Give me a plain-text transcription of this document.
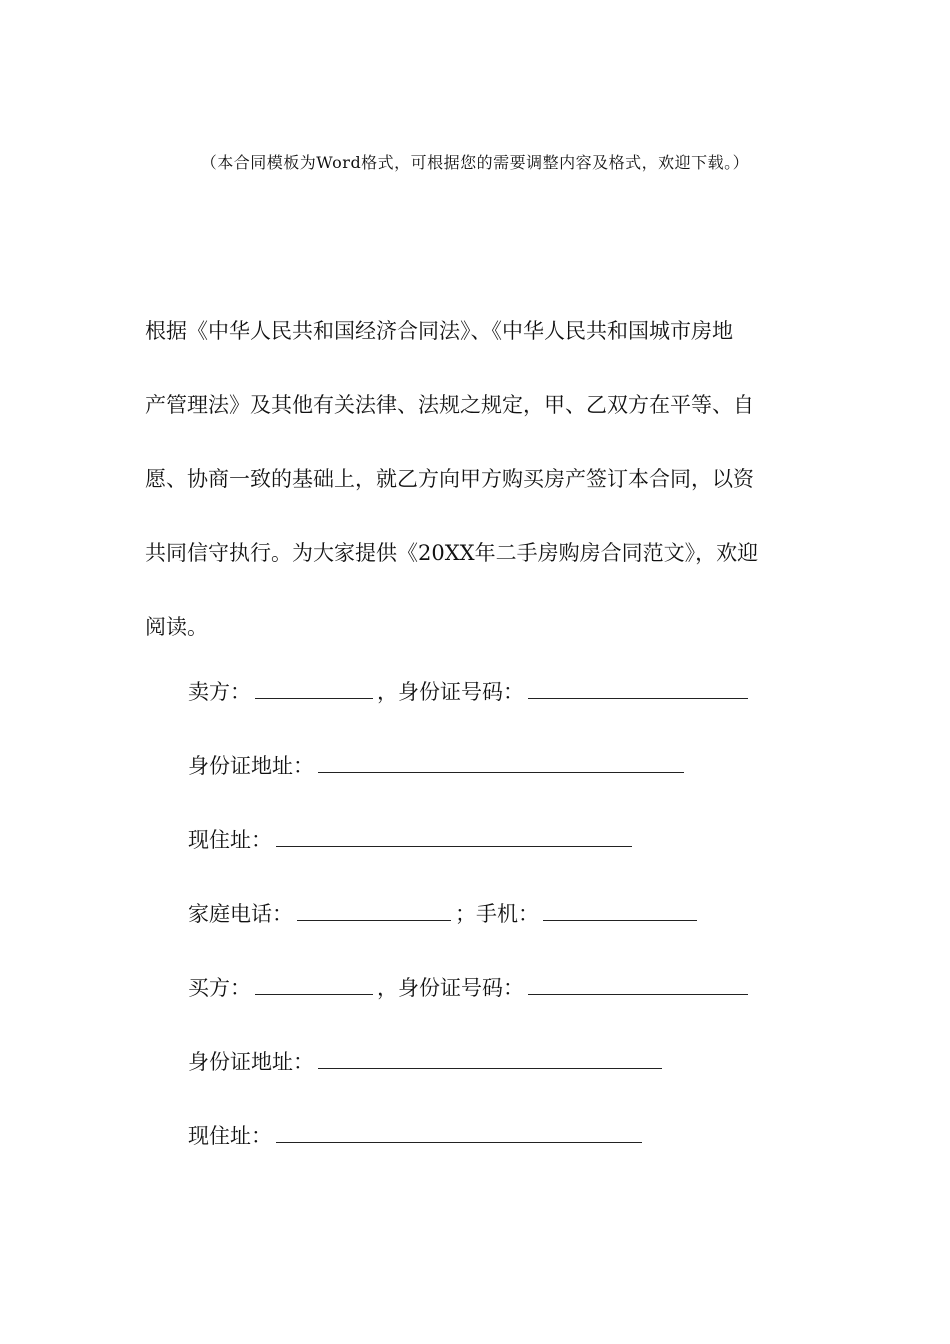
（本合同模板为Word格式，可根据您的需要调整内容及格式，欢迎下载。）

根据《中华人民共和国经济合同法》、《中华人民共和国城市房地
产管理法》及其他有关法律、法规之规定，甲、乙双方在平等、自
愿、协商一致的基础上，就乙方向甲方购买房产签订本合同，以资
共同信守执行。为大家提供《20XX年二手房购房合同范文》，欢迎
阅读。

卖方：	，身份证号码：
身份证地址：
现住址：
家庭电话：	；手机：
买方：	，身份证号码：
身份证地址：
现住址：
